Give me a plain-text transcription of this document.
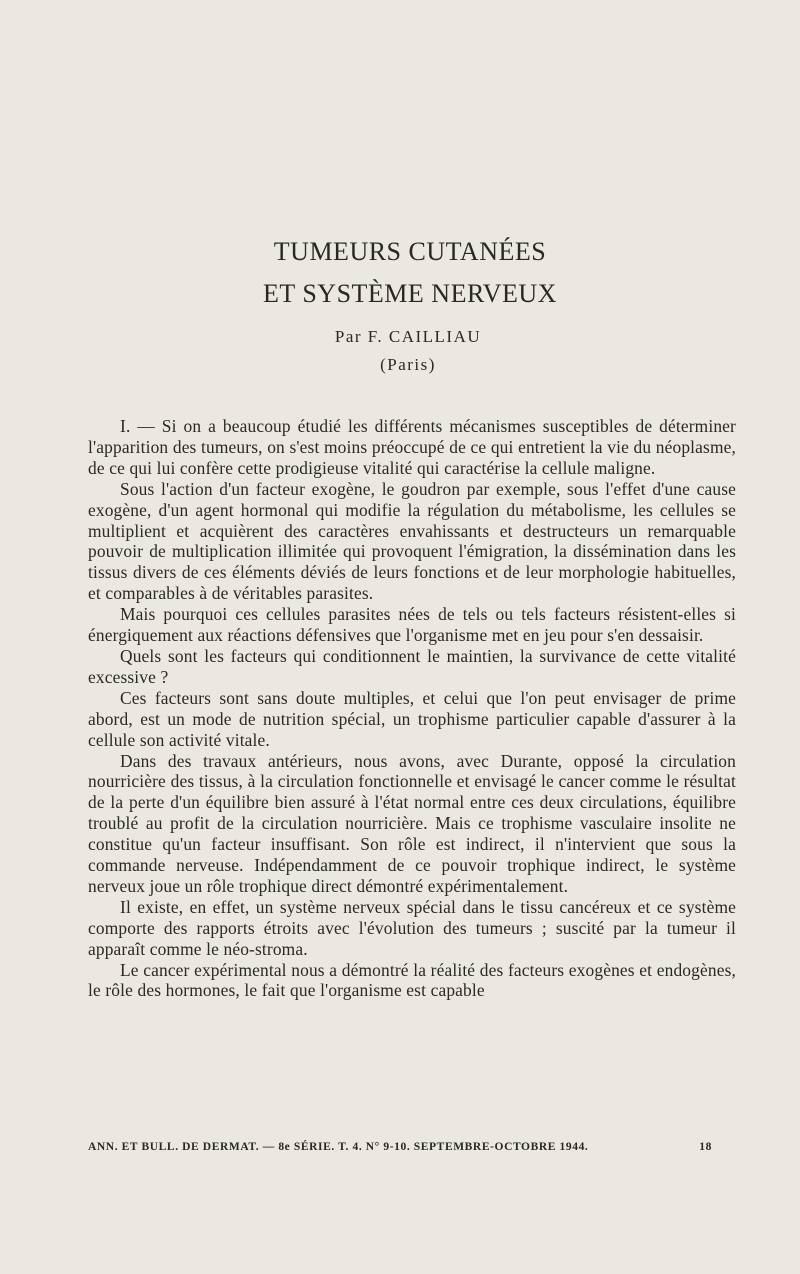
TUMEURS CUTANÉES
ET SYSTÈME NERVEUX

Par F. CAILLIAU

(Paris)

I. — Si on a beaucoup étudié les différents mécanismes susceptibles de déterminer l'apparition des tumeurs, on s'est moins préoccupé de ce qui entretient la vie du néoplasme, de ce qui lui confère cette prodigieuse vitalité qui caractérise la cellule maligne.

Sous l'action d'un facteur exogène, le goudron par exemple, sous l'effet d'une cause exogène, d'un agent hormonal qui modifie la régulation du métabolisme, les cellules se multiplient et acquièrent des caractères envahissants et destructeurs un remarquable pouvoir de multiplication illimitée qui provoquent l'émigration, la dissémination dans les tissus divers de ces éléments déviés de leurs fonctions et de leur morphologie habituelles, et comparables à de véritables parasites.

Mais pourquoi ces cellules parasites nées de tels ou tels facteurs résistent-elles si énergiquement aux réactions défensives que l'organisme met en jeu pour s'en dessaisir.

Quels sont les facteurs qui conditionnent le maintien, la survivance de cette vitalité excessive ?

Ces facteurs sont sans doute multiples, et celui que l'on peut envisager de prime abord, est un mode de nutrition spécial, un trophisme particulier capable d'assurer à la cellule son activité vitale.

Dans des travaux antérieurs, nous avons, avec Durante, opposé la circulation nourricière des tissus, à la circulation fonctionnelle et envisagé le cancer comme le résultat de la perte d'un équilibre bien assuré à l'état normal entre ces deux circulations, équilibre troublé au profit de la circulation nourricière. Mais ce trophisme vasculaire insolite ne constitue qu'un facteur insuffisant. Son rôle est indirect, il n'intervient que sous la commande nerveuse. Indépendamment de ce pouvoir trophique indirect, le système nerveux joue un rôle trophique direct démontré expérimentalement.

Il existe, en effet, un système nerveux spécial dans le tissu cancéreux et ce système comporte des rapports étroits avec l'évolution des tumeurs ; suscité par la tumeur il apparaît comme le néo-stroma.

Le cancer expérimental nous a démontré la réalité des facteurs exogènes et endogènes, le rôle des hormones, le fait que l'organisme est capable

ANN. ET BULL. DE DERMAT. — 8e SÉRIE. T. 4. N° 9-10. SEPTEMBRE-OCTOBRE 1944.	18
